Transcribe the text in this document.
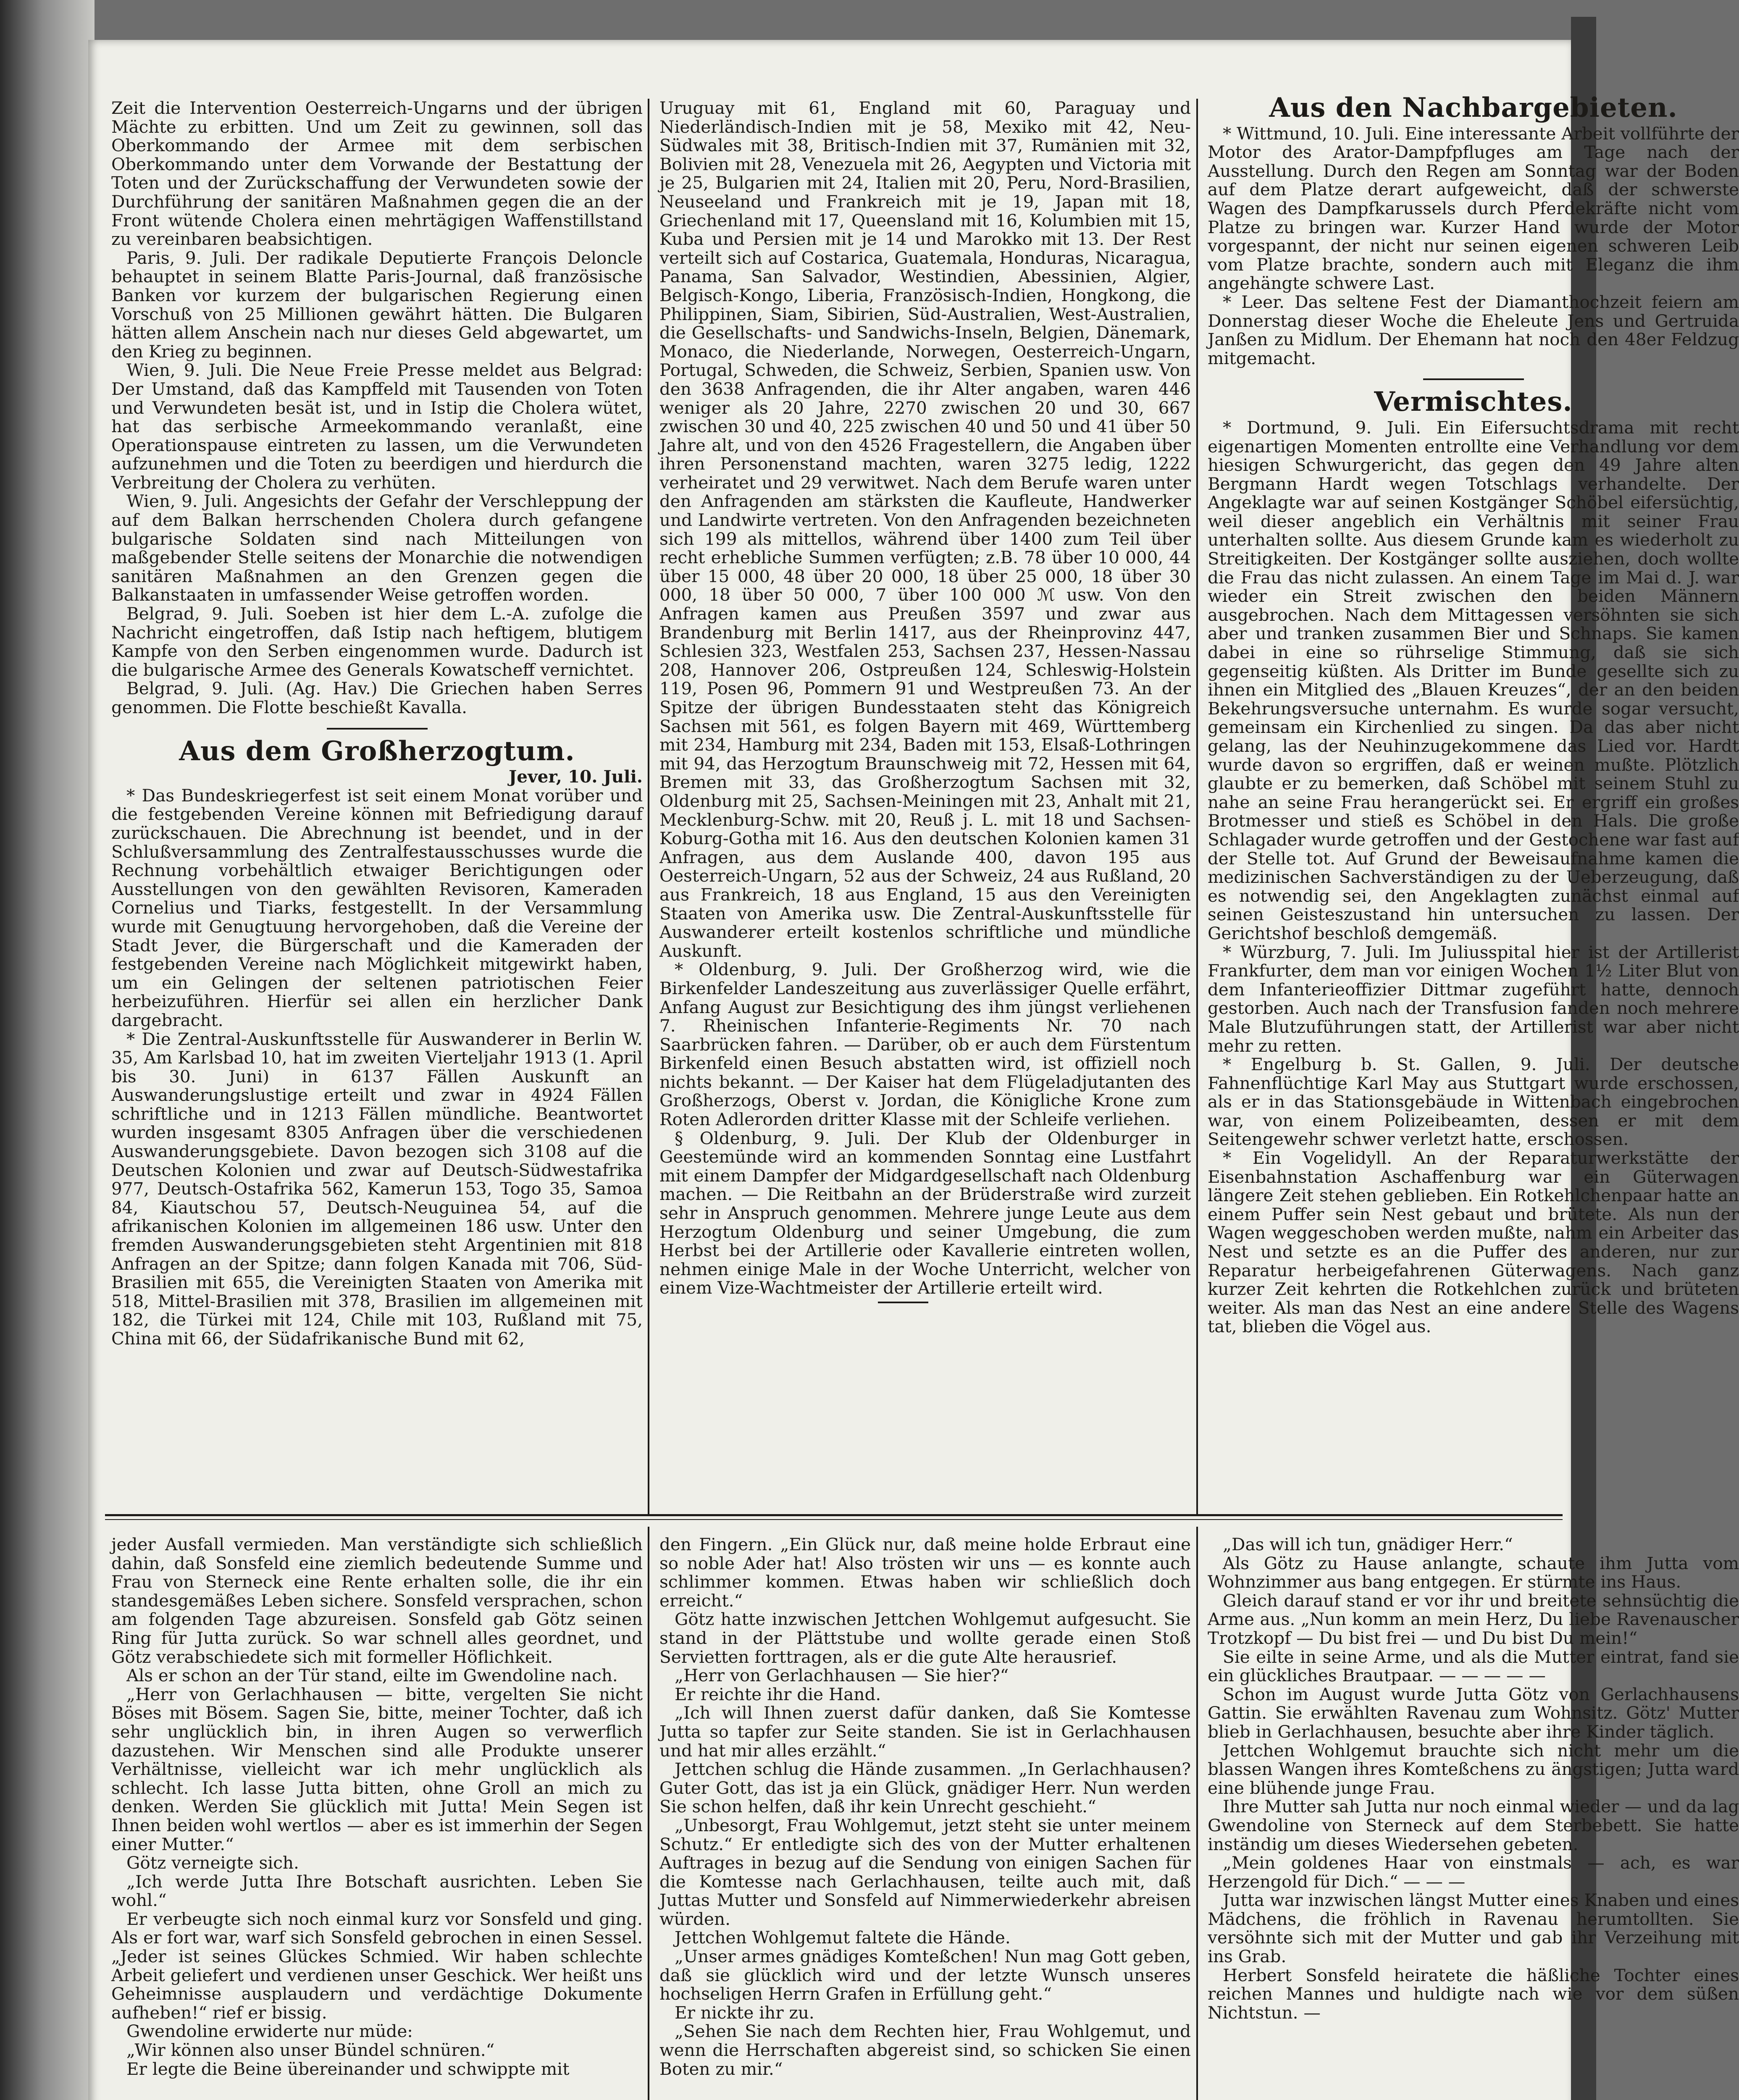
Zeit die Intervention Oesterreich-Ungarns und der übrigen Mächte zu erbitten. Und um Zeit zu gewinnen, soll das Oberkommando der Armee mit dem serbischen Oberkommando unter dem Vorwande der Bestattung der Toten und der Zurückschaffung der Verwundeten sowie der Durchführung der sanitären Maßnahmen gegen die an der Front wütende Cholera einen mehrtägigen Waffenstillstand zu vereinbaren beabsichtigen.

Paris, 9. Juli. Der radikale Deputierte François Deloncle behauptet in seinem Blatte Paris-Journal, daß französische Banken vor kurzem der bulgarischen Regierung einen Vorschuß von 25 Millionen gewährt hätten. Die Bulgaren hätten allem Anschein nach nur dieses Geld abgewartet, um den Krieg zu beginnen.

Wien, 9. Juli. Die Neue Freie Presse meldet aus Belgrad: Der Umstand, daß das Kampffeld mit Tausenden von Toten und Verwundeten besät ist, und in Istip die Cholera wütet, hat das serbische Armeekommando veranlaßt, eine Operationspause eintreten zu lassen, um die Verwundeten aufzunehmen und die Toten zu beerdigen und hierdurch die Verbreitung der Cholera zu verhüten.

Wien, 9. Juli. Angesichts der Gefahr der Verschleppung der auf dem Balkan herrschenden Cholera durch gefangene bulgarische Soldaten sind nach Mitteilungen von maßgebender Stelle seitens der Monarchie die notwendigen sanitären Maßnahmen an den Grenzen gegen die Balkanstaaten in umfassender Weise getroffen worden.

Belgrad, 9. Juli. Soeben ist hier dem L.-A. zufolge die Nachricht eingetroffen, daß Istip nach heftigem, blutigem Kampfe von den Serben eingenommen wurde. Dadurch ist die bulgarische Armee des Generals Kowatscheff vernichtet.

Belgrad, 9. Juli. (Ag. Hav.) Die Griechen haben Serres genommen. Die Flotte beschießt Kavalla.

Aus dem Großherzogtum.

Jever, 10. Juli.

* Das Bundeskriegerfest ist seit einem Monat vorüber und die festgebenden Vereine können mit Befriedigung darauf zurückschauen. Die Abrechnung ist beendet, und in der Schlußversammlung des Zentralfestausschusses wurde die Rechnung vorbehältlich etwaiger Berichtigungen oder Ausstellungen von den gewählten Revisoren, Kameraden Cornelius und Tiarks, festgestellt. In der Versammlung wurde mit Genugtuung hervorgehoben, daß die Vereine der Stadt Jever, die Bürgerschaft und die Kameraden der festgebenden Vereine nach Möglichkeit mitgewirkt haben, um ein Gelingen der seltenen patriotischen Feier herbeizuführen. Hierfür sei allen ein herzlicher Dank dargebracht.

* Die Zentral-Auskunftsstelle für Auswanderer in Berlin W. 35, Am Karlsbad 10, hat im zweiten Vierteljahr 1913 (1. April bis 30. Juni) in 6137 Fällen Auskunft an Auswanderungslustige erteilt und zwar in 4924 Fällen schriftliche und in 1213 Fällen mündliche. Beantwortet wurden insgesamt 8305 Anfragen über die verschiedenen Auswanderungsgebiete. Davon bezogen sich 3108 auf die Deutschen Kolonien und zwar auf Deutsch-Südwestafrika 977, Deutsch-Ostafrika 562, Kamerun 153, Togo 35, Samoa 84, Kiautschou 57, Deutsch-Neuguinea 54, auf die afrikanischen Kolonien im allgemeinen 186 usw. Unter den fremden Auswanderungsgebieten steht Argentinien mit 818 Anfragen an der Spitze; dann folgen Kanada mit 706, Süd-Brasilien mit 655, die Vereinigten Staaten von Amerika mit 518, Mittel-Brasilien mit 378, Brasilien im allgemeinen mit 182, die Türkei mit 124, Chile mit 103, Rußland mit 75, China mit 66, der Südafrikanische Bund mit 62,

Uruguay mit 61, England mit 60, Paraguay und Niederländisch-Indien mit je 58, Mexiko mit 42, Neu-Südwales mit 38, Britisch-Indien mit 37, Rumänien mit 32, Bolivien mit 28, Venezuela mit 26, Aegypten und Victoria mit je 25, Bulgarien mit 24, Italien mit 20, Peru, Nord-Brasilien, Neuseeland und Frankreich mit je 19, Japan mit 18, Griechenland mit 17, Queensland mit 16, Kolumbien mit 15, Kuba und Persien mit je 14 und Marokko mit 13. Der Rest verteilt sich auf Costarica, Guatemala, Honduras, Nicaragua, Panama, San Salvador, Westindien, Abessinien, Algier, Belgisch-Kongo, Liberia, Französisch-Indien, Hongkong, die Philippinen, Siam, Sibirien, Süd-Australien, West-Australien, die Gesellschafts- und Sandwichs-Inseln, Belgien, Dänemark, Monaco, die Niederlande, Norwegen, Oesterreich-Ungarn, Portugal, Schweden, die Schweiz, Serbien, Spanien usw. Von den 3638 Anfragenden, die ihr Alter angaben, waren 446 weniger als 20 Jahre, 2270 zwischen 20 und 30, 667 zwischen 30 und 40, 225 zwischen 40 und 50 und 41 über 50 Jahre alt, und von den 4526 Fragestellern, die Angaben über ihren Personenstand machten, waren 3275 ledig, 1222 verheiratet und 29 verwitwet. Nach dem Berufe waren unter den Anfragenden am stärksten die Kaufleute, Handwerker und Landwirte vertreten. Von den Anfragenden bezeichneten sich 199 als mittellos, während über 1400 zum Teil über recht erhebliche Summen verfügten; z.B. 78 über 10 000, 44 über 15 000, 48 über 20 000, 18 über 25 000, 18 über 30 000, 18 über 50 000, 7 über 100 000 ℳ usw. Von den Anfragen kamen aus Preußen 3597 und zwar aus Brandenburg mit Berlin 1417, aus der Rheinprovinz 447, Schlesien 323, Westfalen 253, Sachsen 237, Hessen-Nassau 208, Hannover 206, Ostpreußen 124, Schleswig-Holstein 119, Posen 96, Pommern 91 und Westpreußen 73. An der Spitze der übrigen Bundesstaaten steht das Königreich Sachsen mit 561, es folgen Bayern mit 469, Württemberg mit 234, Hamburg mit 234, Baden mit 153, Elsaß-Lothringen mit 94, das Herzogtum Braunschweig mit 72, Hessen mit 64, Bremen mit 33, das Großherzogtum Sachsen mit 32, Oldenburg mit 25, Sachsen-Meiningen mit 23, Anhalt mit 21, Mecklenburg-Schw. mit 20, Reuß j. L. mit 18 und Sachsen-Koburg-Gotha mit 16. Aus den deutschen Kolonien kamen 31 Anfragen, aus dem Auslande 400, davon 195 aus Oesterreich-Ungarn, 52 aus der Schweiz, 24 aus Rußland, 20 aus Frankreich, 18 aus England, 15 aus den Vereinigten Staaten von Amerika usw. Die Zentral-Auskunftsstelle für Auswanderer erteilt kostenlos schriftliche und mündliche Auskunft.

* Oldenburg, 9. Juli. Der Großherzog wird, wie die Birkenfelder Landeszeitung aus zuverlässiger Quelle erfährt, Anfang August zur Besichtigung des ihm jüngst verliehenen 7. Rheinischen Infanterie-Regiments Nr. 70 nach Saarbrücken fahren. — Darüber, ob er auch dem Fürstentum Birkenfeld einen Besuch abstatten wird, ist offiziell noch nichts bekannt. — Der Kaiser hat dem Flügeladjutanten des Großherzogs, Oberst v. Jordan, die Königliche Krone zum Roten Adlerorden dritter Klasse mit der Schleife verliehen.

§ Oldenburg, 9. Juli. Der Klub der Oldenburger in Geestemünde wird an kommenden Sonntag eine Lustfahrt mit einem Dampfer der Midgardgesellschaft nach Oldenburg machen. — Die Reitbahn an der Brüderstraße wird zurzeit sehr in Anspruch genommen. Mehrere junge Leute aus dem Herzogtum Oldenburg und seiner Umgebung, die zum Herbst bei der Artillerie oder Kavallerie eintreten wollen, nehmen einige Male in der Woche Unterricht, welcher von einem Vize-Wachtmeister der Artillerie erteilt wird.

Aus den Nachbargebieten.

* Wittmund, 10. Juli. Eine interessante Arbeit vollführte der Motor des Arator-Dampfpfluges am Tage nach der Ausstellung. Durch den Regen am Sonntag war der Boden auf dem Platze derart aufgeweicht, daß der schwerste Wagen des Dampfkarussels durch Pferdekräfte nicht vom Platze zu bringen war. Kurzer Hand wurde der Motor vorgespannt, der nicht nur seinen eigenen schweren Leib vom Platze brachte, sondern auch mit Eleganz die ihm angehängte schwere Last.

* Leer. Das seltene Fest der Diamanthochzeit feiern am Donnerstag dieser Woche die Eheleute Jens und Gertruida Janßen zu Midlum. Der Ehemann hat noch den 48er Feldzug mitgemacht.

Vermischtes.

* Dortmund, 9. Juli. Ein Eifersuchtsdrama mit recht eigenartigen Momenten entrollte eine Verhandlung vor dem hiesigen Schwurgericht, das gegen den 49 Jahre alten Bergmann Hardt wegen Totschlags verhandelte. Der Angeklagte war auf seinen Kostgänger Schöbel eifersüchtig, weil dieser angeblich ein Verhältnis mit seiner Frau unterhalten sollte. Aus diesem Grunde kam es wiederholt zu Streitigkeiten. Der Kostgänger sollte ausziehen, doch wollte die Frau das nicht zulassen. An einem Tage im Mai d. J. war wieder ein Streit zwischen den beiden Männern ausgebrochen. Nach dem Mittagessen versöhnten sie sich aber und tranken zusammen Bier und Schnaps. Sie kamen dabei in eine so rührselige Stimmung, daß sie sich gegenseitig küßten. Als Dritter im Bunde gesellte sich zu ihnen ein Mitglied des „Blauen Kreuzes“, der an den beiden Bekehrungsversuche unternahm. Es wurde sogar versucht, gemeinsam ein Kirchenlied zu singen. Da das aber nicht gelang, las der Neuhinzugekommene das Lied vor. Hardt wurde davon so ergriffen, daß er weinen mußte. Plötzlich glaubte er zu bemerken, daß Schöbel mit seinem Stuhl zu nahe an seine Frau herangerückt sei. Er ergriff ein großes Brotmesser und stieß es Schöbel in den Hals. Die große Schlagader wurde getroffen und der Gestochene war fast auf der Stelle tot. Auf Grund der Beweisaufnahme kamen die medizinischen Sachverständigen zu der Ueberzeugung, daß es notwendig sei, den Angeklagten zunächst einmal auf seinen Geisteszustand hin untersuchen zu lassen. Der Gerichtshof beschloß demgemäß.

* Würzburg, 7. Juli. Im Juliusspital hier ist der Artillerist Frankfurter, dem man vor einigen Wochen 1½ Liter Blut von dem Infanterieoffizier Dittmar zugeführt hatte, dennoch gestorben. Auch nach der Transfusion fanden noch mehrere Male Blutzuführungen statt, der Artillerist war aber nicht mehr zu retten.

* Engelburg b. St. Gallen, 9. Juli. Der deutsche Fahnenflüchtige Karl May aus Stuttgart wurde erschossen, als er in das Stationsgebäude in Wittenbach eingebrochen war, von einem Polizeibeamten, dessen er mit dem Seitengewehr schwer verletzt hatte, erschossen.

* Ein Vogelidyll. An der Reparaturwerkstätte der Eisenbahnstation Aschaffenburg war ein Güterwagen längere Zeit stehen geblieben. Ein Rotkehlchenpaar hatte an einem Puffer sein Nest gebaut und brütete. Als nun der Wagen weggeschoben werden mußte, nahm ein Arbeiter das Nest und setzte es an die Puffer des anderen, nur zur Reparatur herbeigefahrenen Güterwagens. Nach ganz kurzer Zeit kehrten die Rotkehlchen zurück und brüteten weiter. Als man das Nest an eine andere Stelle des Wagens tat, blieben die Vögel aus.

jeder Ausfall vermieden. Man verständigte sich schließlich dahin, daß Sonsfeld eine ziemlich bedeutende Summe und Frau von Sterneck eine Rente erhalten solle, die ihr ein standesgemäßes Leben sichere. Sonsfeld versprachen, schon am folgenden Tage abzureisen. Sonsfeld gab Götz seinen Ring für Jutta zurück. So war schnell alles geordnet, und Götz verabschiedete sich mit formeller Höflichkeit.

Als er schon an der Tür stand, eilte im Gwendoline nach.

„Herr von Gerlachhausen — bitte, vergelten Sie nicht Böses mit Bösem. Sagen Sie, bitte, meiner Tochter, daß ich sehr unglücklich bin, in ihren Augen so verwerflich dazustehen. Wir Menschen sind alle Produkte unserer Verhältnisse, vielleicht war ich mehr unglücklich als schlecht. Ich lasse Jutta bitten, ohne Groll an mich zu denken. Werden Sie glücklich mit Jutta! Mein Segen ist Ihnen beiden wohl wertlos — aber es ist immerhin der Segen einer Mutter.“

Götz verneigte sich.

„Ich werde Jutta Ihre Botschaft ausrichten. Leben Sie wohl.“

Er verbeugte sich noch einmal kurz vor Sonsfeld und ging. Als er fort war, warf sich Sonsfeld gebrochen in einen Sessel. „Jeder ist seines Glückes Schmied. Wir haben schlechte Arbeit geliefert und verdienen unser Geschick. Wer heißt uns Geheimnisse ausplaudern und verdächtige Dokumente aufheben!“ rief er bissig.

Gwendoline erwiderte nur müde:

„Wir können also unser Bündel schnüren.“

Er legte die Beine übereinander und schwippte mit

den Fingern. „Ein Glück nur, daß meine holde Erbraut eine so noble Ader hat! Also trösten wir uns — es konnte auch schlimmer kommen. Etwas haben wir schließlich doch erreicht.“

Götz hatte inzwischen Jettchen Wohlgemut aufgesucht. Sie stand in der Plättstube und wollte gerade einen Stoß Servietten forttragen, als er die gute Alte herausrief.

„Herr von Gerlachhausen — Sie hier?“

Er reichte ihr die Hand.

„Ich will Ihnen zuerst dafür danken, daß Sie Komtesse Jutta so tapfer zur Seite standen. Sie ist in Gerlachhausen und hat mir alles erzählt.“

Jettchen schlug die Hände zusammen. „In Gerlachhausen? Guter Gott, das ist ja ein Glück, gnädiger Herr. Nun werden Sie schon helfen, daß ihr kein Unrecht geschieht.“

„Unbesorgt, Frau Wohlgemut, jetzt steht sie unter meinem Schutz.“ Er entledigte sich des von der Mutter erhaltenen Auftrages in bezug auf die Sendung von einigen Sachen für die Komtesse nach Gerlachhausen, teilte auch mit, daß Juttas Mutter und Sonsfeld auf Nimmerwiederkehr abreisen würden.

Jettchen Wohlgemut faltete die Hände.

„Unser armes gnädiges Komteßchen! Nun mag Gott geben, daß sie glücklich wird und der letzte Wunsch unseres hochseligen Herrn Grafen in Erfüllung geht.“

Er nickte ihr zu.

„Sehen Sie nach dem Rechten hier, Frau Wohlgemut, und wenn die Herrschaften abgereist sind, so schicken Sie einen Boten zu mir.“

„Das will ich tun, gnädiger Herr.“

Als Götz zu Hause anlangte, schaute ihm Jutta vom Wohnzimmer aus bang entgegen. Er stürmte ins Haus.

Gleich darauf stand er vor ihr und breitete sehnsüchtig die Arme aus. „Nun komm an mein Herz, Du liebe Ravenauscher Trotzkopf — Du bist frei — und Du bist Du mein!“

Sie eilte in seine Arme, und als die Mutter eintrat, fand sie ein glückliches Brautpaar. — — — — —

Schon im August wurde Jutta Götz von Gerlachhausens Gattin. Sie erwählten Ravenau zum Wohnsitz. Götz' Mutter blieb in Gerlachhausen, besuchte aber ihre Kinder täglich.

Jettchen Wohlgemut brauchte sich nicht mehr um die blassen Wangen ihres Komteßchens zu ängstigen; Jutta ward eine blühende junge Frau.

Ihre Mutter sah Jutta nur noch einmal wieder — und da lag Gwendoline von Sterneck auf dem Sterbebett. Sie hatte inständig um dieses Wiedersehen gebeten.

„Mein goldenes Haar von einstmals — ach, es war Herzengold für Dich.“ — — —

Jutta war inzwischen längst Mutter eines Knaben und eines Mädchens, die fröhlich in Ravenau herumtollten. Sie versöhnte sich mit der Mutter und gab ihr Verzeihung mit ins Grab.

Herbert Sonsfeld heiratete die häßliche Tochter eines reichen Mannes und huldigte nach wie vor dem süßen Nichtstun. —
